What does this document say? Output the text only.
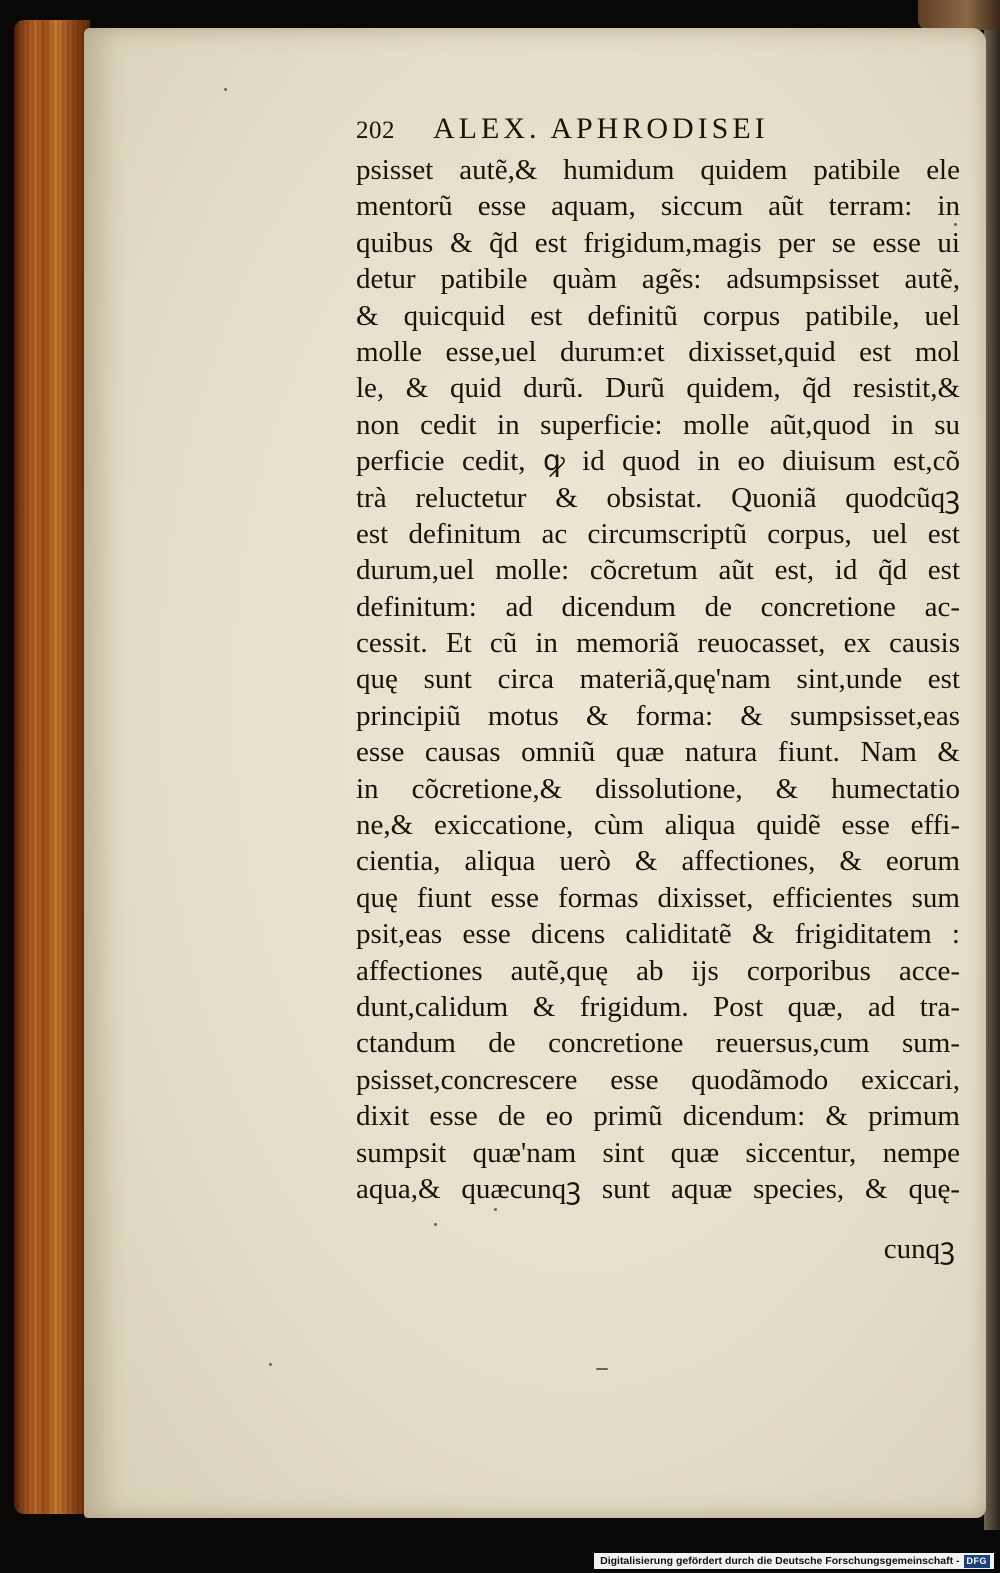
202 ALEX. APHRODISEI
psisset autẽ,& humidum quidem patibile ele
mentorũ esse aquam, siccum aũt terram: in
quibus & q̃d est frigidum,magis per se esse ui
detur patibile quàm agẽs: adsumpsisset autẽ,
& quicquid est definitũ corpus patibile, uel
molle esse,uel durum:et dixisset,quid est mol
le, & quid durũ. Durũ quidem, q̃d resistit,&
non cedit in superficie: molle aũt,quod in su
perficie cedit, ꝙ id quod in eo diuisum est,cõ
trà reluctetur & obsistat. Quoniã quodcũqꝫ
est definitum ac circumscriptũ corpus, uel est
durum,uel molle: cõcretum aũt est, id q̃d est
definitum: ad dicendum de concretione ac-
cessit. Et cũ in memoriã reuocasset, ex causis
quę sunt circa materiã,quę'nam sint,unde est
principiũ motus & forma: & sumpsisset,eas
esse causas omniũ quæ natura fiunt. Nam &
in cõcretione,& dissolutione, & humectatio
ne,& exiccatione, cùm aliqua quidẽ esse effi-
cientia, aliqua uerò & affectiones, & eorum
quę fiunt esse formas dixisset, efficientes sum
psit,eas esse dicens caliditatẽ & frigiditatem :
affectiones autẽ,quę ab ijs corporibus acce-
dunt,calidum & frigidum. Post quæ, ad tra-
ctandum de concretione reuersus,cum sum-
psisset,concrescere esse quodãmodo exiccari,
dixit esse de eo primũ dicendum: & primum
sumpsit quæ'nam sint quæ siccentur, nempe
aqua,& quæcunqꝫ sunt aquæ species, & quę-
cunqꝫ
Digitalisierung gefördert durch die Deutsche Forschungsgemeinschaft - DFG
